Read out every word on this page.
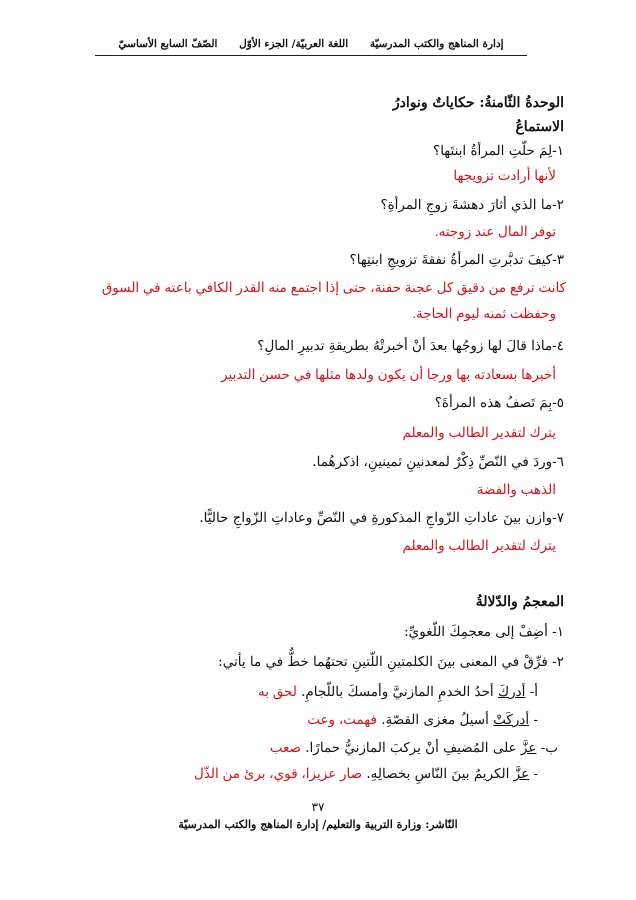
إدارة المناهج والكتب المدرسيّة اللغة العربيّة/ الجزء الأوّل الصّفّ السابع الأساسيّ
الوحدةُ الثّامنةُ: حكاياتٌ ونوادرُ
الاستماعُ
١-لِمَ حلّتِ المرأةُ ابنتَها؟
لأنها أرادت تزويجها
٢-ما الذي أثارَ دهشةَ زوجِ المرأةِ؟
توفر المال عند زوجته.
٣-كيفَ تدبَّرتِ المرأةُ نفقةَ تزويجِ ابنتِها؟
كانت ترفع من دقيق كل عجنة حفنة، حتى إذا اجتمع منه القدر الكافي باعته في السوق
وحفظت ثمنه ليوم الحاجة.
٤-ماذا قالَ لها زوجُها بعدَ أنْ أخبرتْهُ بطريقةِ تدبيرِ المالِ؟
أخبرها بسعادته بها ورجا أن يكون ولدها مثلها في حسن التدبير
٥-بِمَ تَصفُ هذه المرأةَ؟
يترك لتقدير الطالب والمعلم
٦-وردَ في النّصِّ ذِكْرٌ لمعدنينِ ثمينينِ، اذكرهُما.
الذهب والفضة
٧-وازن بينَ عاداتِ الزّواجِ المذكورةِ في النّصِّ وعاداتِ الزّواجِ حاليًّا.
يترك لتقدير الطالب والمعلم
المعجمُ والدّلالةُ
١- أضِفْ إلى معجمِكَ اللّغويِّ:
٢- فرِّقْ في المعنى بينَ الكلمتينِ اللّتينِ تحتهُما خطٌّ في ما يأتي:
أ- أدركَ أحدُ الخدمِ المازنيَّ وأمسكَ باللّجامِ. لحق به
- أدركَتْ أسيلُ مغزى القصّةِ. فهمت، وعت
ب- عزَّ على المُضيفِ أنْ يركبَ المازنيُّ حمارًا. صعب
- عزَّ الكريمُ بينَ النّاسِ بخصالِهِ. صار عزيزا، قوي، برئ من الذّل
٣٧
النّاشر: وزارة التربية والتعليم/ إدارة المناهج والكتب المدرسيّة
